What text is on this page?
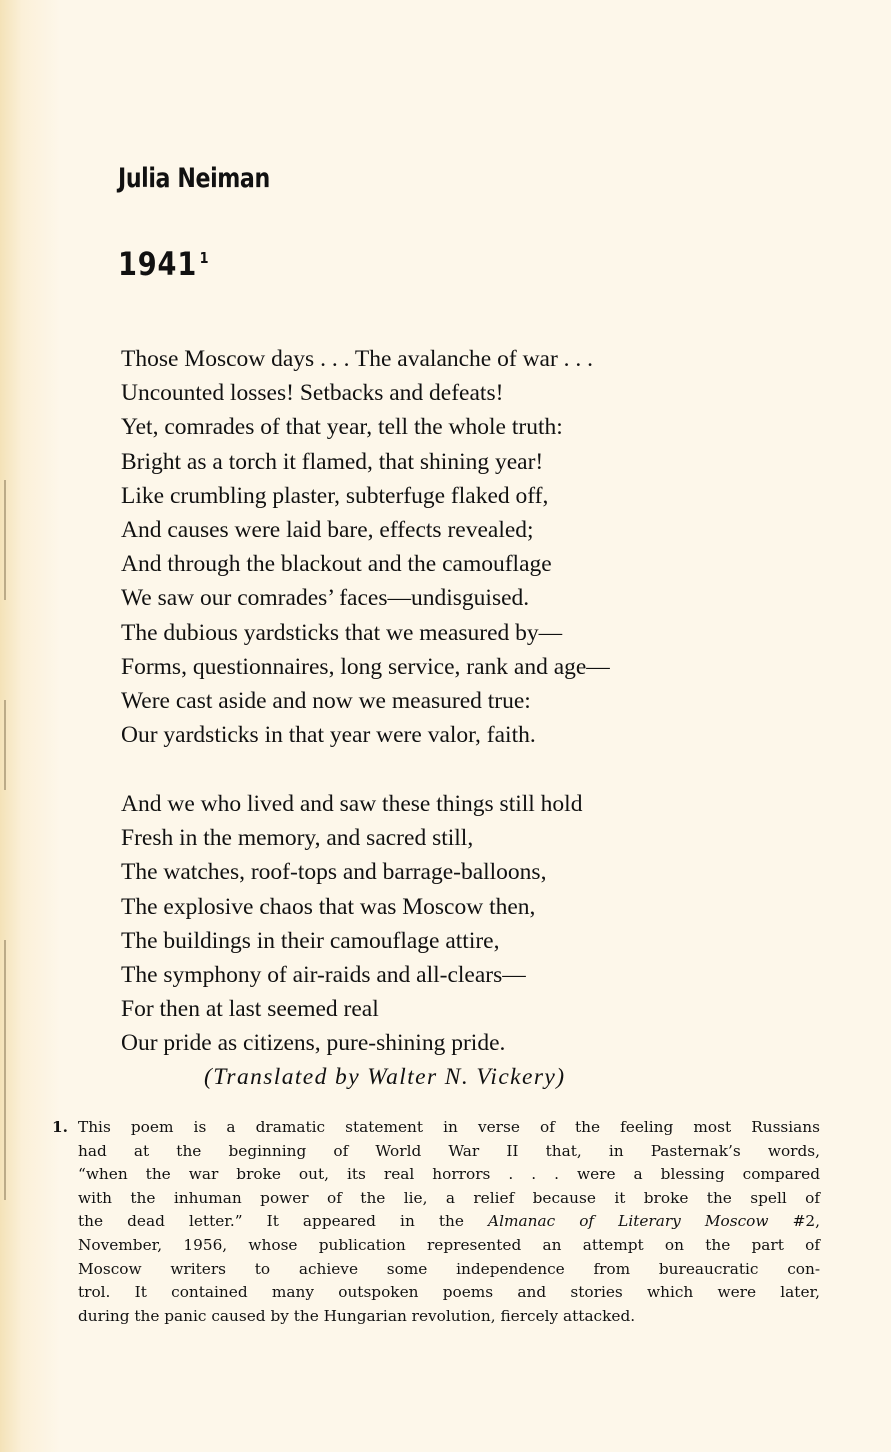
Julia Neiman
1941 $^1$

Those Moscow days . . . The avalanche of war . . .
Uncounted losses! Setbacks and defeats!
Yet, comrades of that year, tell the whole truth:
Bright as a torch it flamed, that shining year!
Like crumbling plaster, subterfuge flaked off,
And causes were laid bare, effects revealed;
And through the blackout and the camouflage
We saw our comrades’ faces—undisguised.
The dubious yardsticks that we measured by—
Forms, questionnaires, long service, rank and age—
Were cast aside and now we measured true:
Our yardsticks in that year were valor, faith.

And we who lived and saw these things still hold
Fresh in the memory, and sacred still,
The watches, roof-tops and barrage-balloons,
The explosive chaos that was Moscow then,
The buildings in their camouflage attire,
The symphony of air-raids and all-clears—
For then at last seemed real
Our pride as citizens, pure-shining pride.

(Translated by Walter N. Vickery)

1. This poem is a dramatic statement in verse of the feeling most Russians
had at the beginning of World War II that, in Pasternak’s words,
“when the war broke out, its real horrors . . . were a blessing compared
with the inhuman power of the lie, a relief because it broke the spell of
the dead letter.” It appeared in the Almanac of Literary Moscow #2,
November, 1956, whose publication represented an attempt on the part of
Moscow writers to achieve some independence from bureaucratic con-
trol. It contained many outspoken poems and stories which were later,
during the panic caused by the Hungarian revolution, fiercely attacked.
